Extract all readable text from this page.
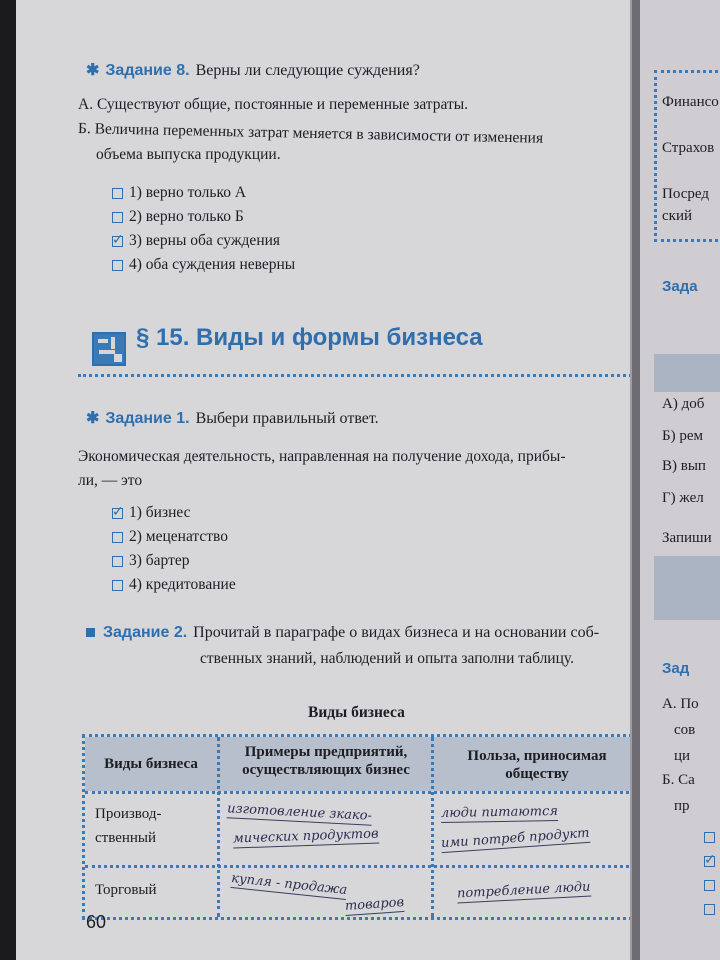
✱ Задание 8. Верны ли следующие суждения?
А. Существуют общие, постоянные и переменные затраты.
Б. Величина переменных затрат меняется в зависимости от изменения
объема выпуска продукции.
1) верно только А
2) верно только Б
✓
3) верны оба суждения
4) оба суждения неверны
§ 15. Виды и формы бизнеса
✱ Задание 1. Выбери правильный ответ.
Экономическая деятельность, направленная на получение дохода, прибы-
ли, — это
✓
1) бизнес
2) меценатство
3) бартер
4) кредитование
Задание 2. Прочитай в параграфе о видах бизнеса и на основании соб-
ственных знаний, наблюдений и опыта заполни таблицу.
Виды бизнеса
Виды бизнеса
Примеры предприятий, осуществляющих бизнес
Польза, приносимая обществу
Производ-
ственный
изготовление зкако-
мических продуктов
люди питаются
ими потреб продукт
Торговый	купля - продажа
товаров
потребление люди
60
Финансо
Страхов
Посред
ский
Зада
А) доб
Б) рем
В) вып
Г) жел
Запиши
Зад
А. По
сов
ци
Б. Са
пр
✓
